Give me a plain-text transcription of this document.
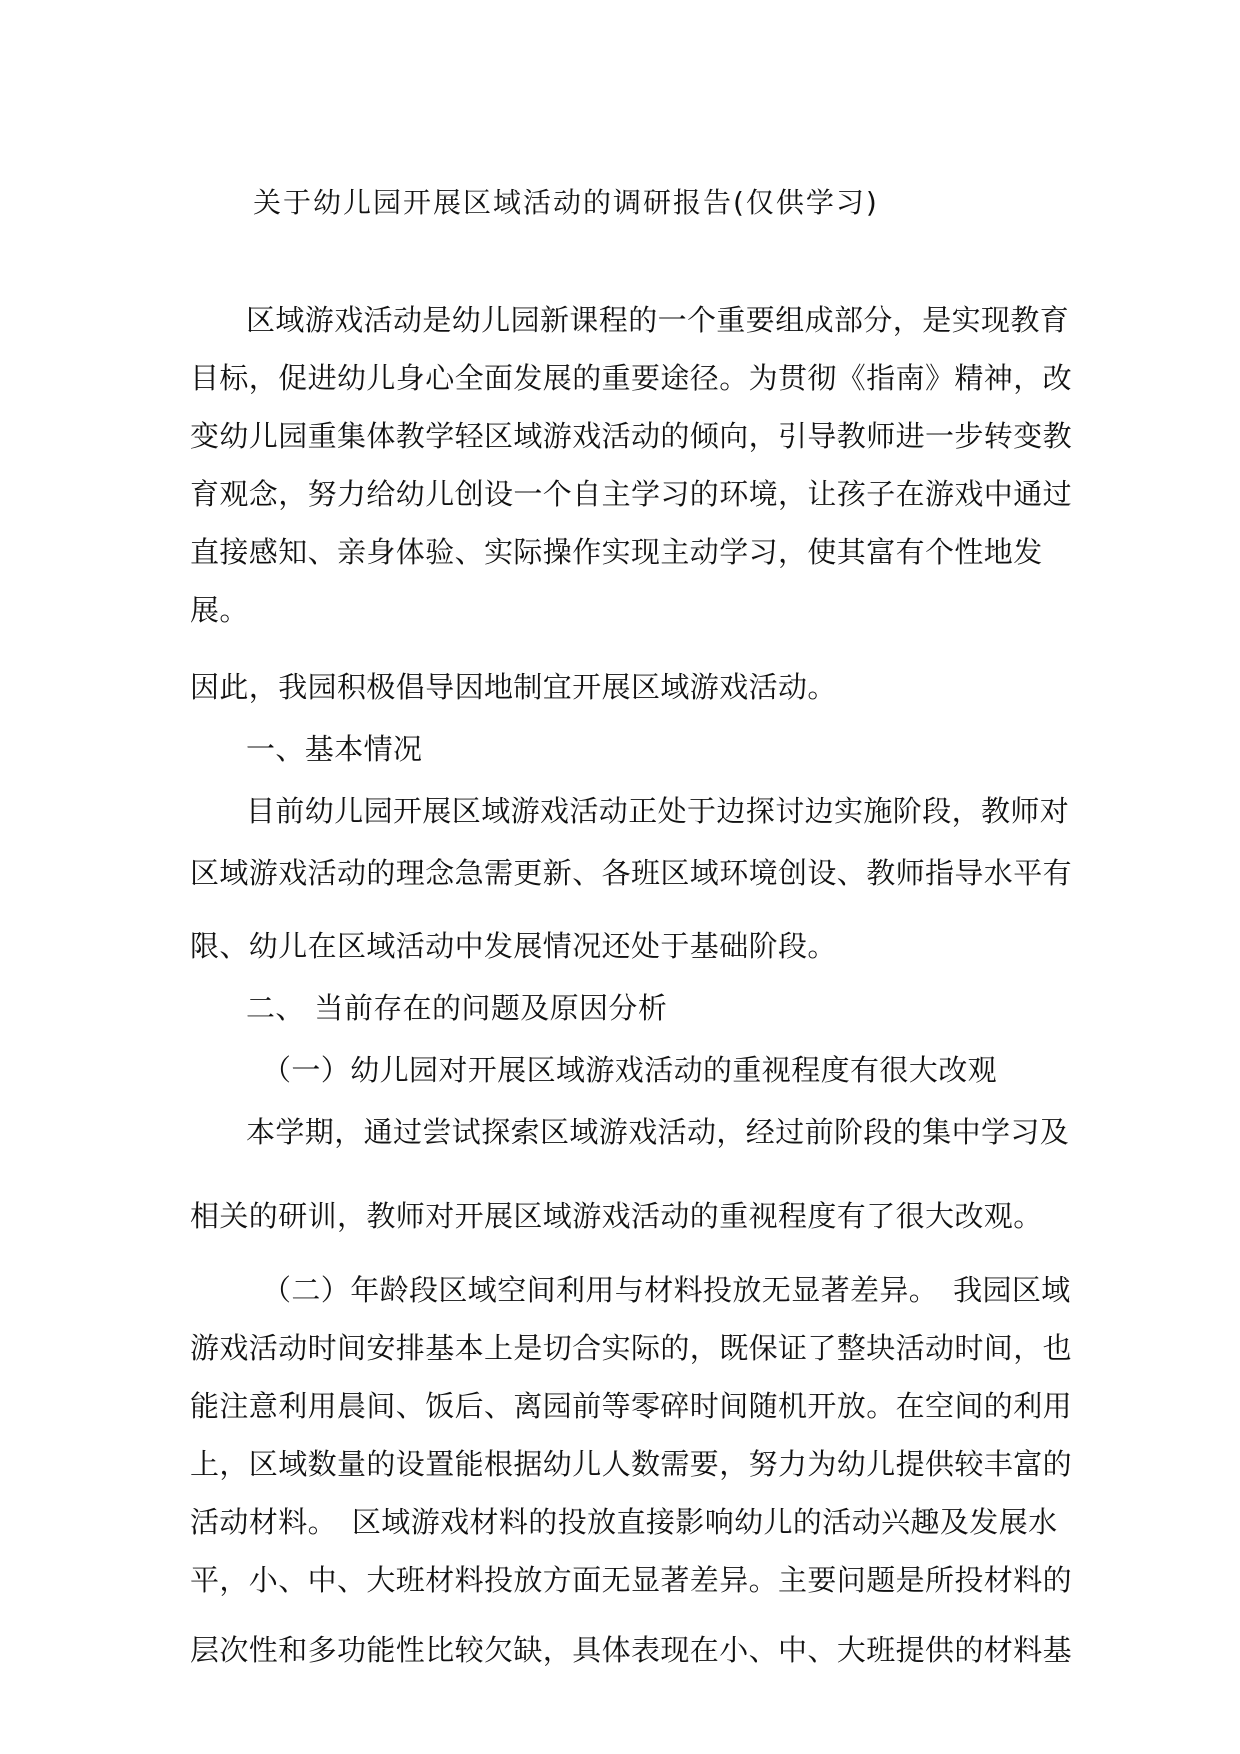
关于幼儿园开展区域活动的调研报告(仅供学习)
区域游戏活动是幼儿园新课程的一个重要组成部分，是实现教育
目标，促进幼儿身心全面发展的重要途径。为贯彻《指南》精神，改
变幼儿园重集体教学轻区域游戏活动的倾向，引导教师进一步转变教
育观念，努力给幼儿创设一个自主学习的环境，让孩子在游戏中通过
直接感知、亲身体验、实际操作实现主动学习，使其富有个性地发
展。
因此，我园积极倡导因地制宜开展区域游戏活动。
一、基本情况
目前幼儿园开展区域游戏活动正处于边探讨边实施阶段，教师对
区域游戏活动的理念急需更新、各班区域环境创设、教师指导水平有
限、幼儿在区域活动中发展情况还处于基础阶段。
二、 当前存在的问题及原因分析
（一）幼儿园对开展区域游戏活动的重视程度有很大改观
本学期，通过尝试探索区域游戏活动，经过前阶段的集中学习及
相关的研训，教师对开展区域游戏活动的重视程度有了很大改观。
（二）年龄段区域空间利用与材料投放无显著差异。　我园区域
游戏活动时间安排基本上是切合实际的，既保证了整块活动时间，也
能注意利用晨间、饭后、离园前等零碎时间随机开放。在空间的利用
上，区域数量的设置能根据幼儿人数需要，努力为幼儿提供较丰富的
活动材料。　区域游戏材料的投放直接影响幼儿的活动兴趣及发展水
平，小、中、大班材料投放方面无显著差异。主要问题是所投材料的
层次性和多功能性比较欠缺，具体表现在小、中、大班提供的材料基
